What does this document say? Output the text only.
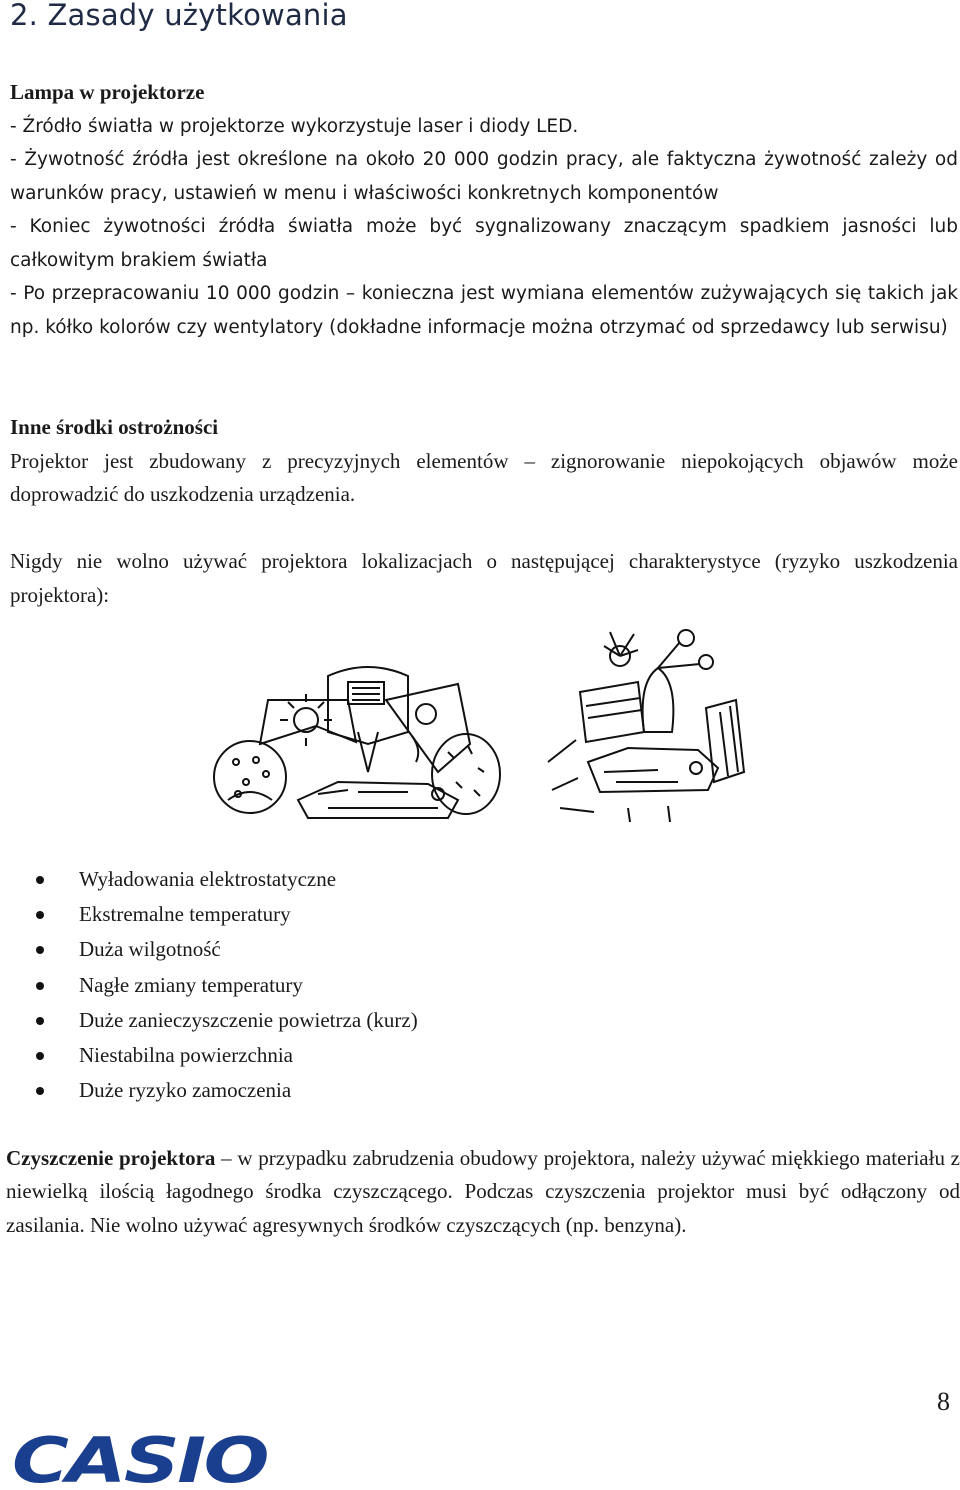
2. Zasady użytkowania

Lampa w projektorze

- Źródło światła w projektorze wykorzystuje laser i diody LED.

- Żywotność źródła jest określone na około 20 000 godzin pracy, ale faktyczna żywotność zależy od warunków pracy, ustawień w menu i właściwości konkretnych komponentów

- Koniec żywotności źródła światła może być sygnalizowany znaczącym spadkiem jasności lub całkowitym brakiem światła

- Po przepracowaniu 10 000 godzin – konieczna jest wymiana elementów zużywających się takich jak np. kółko kolorów czy wentylatory (dokładne informacje można otrzymać od sprzedawcy lub serwisu)

Inne środki ostrożności

Projektor jest zbudowany z precyzyjnych elementów – zignorowanie niepokojących objawów może doprowadzić do uszkodzenia urządzenia.

Nigdy nie wolno używać projektora lokalizacjach o następującej charakterystyce (ryzyko uszkodzenia projektora):
Wyładowania elektrostatyczne
Ekstremalne temperatury
Duża wilgotność
Nagłe zmiany temperatury
Duże zanieczyszczenie powietrza (kurz)
Niestabilna powierzchnia
Duże ryzyko zamoczenia
Czyszczenie projektora – w przypadku zabrudzenia obudowy projektora, należy używać miękkiego materiału z niewielką ilością łagodnego środka czyszczącego. Podczas czyszczenia projektor musi być odłączony od zasilania. Nie wolno używać agresywnych środków czyszczących (np. benzyna).
8
CASIO
